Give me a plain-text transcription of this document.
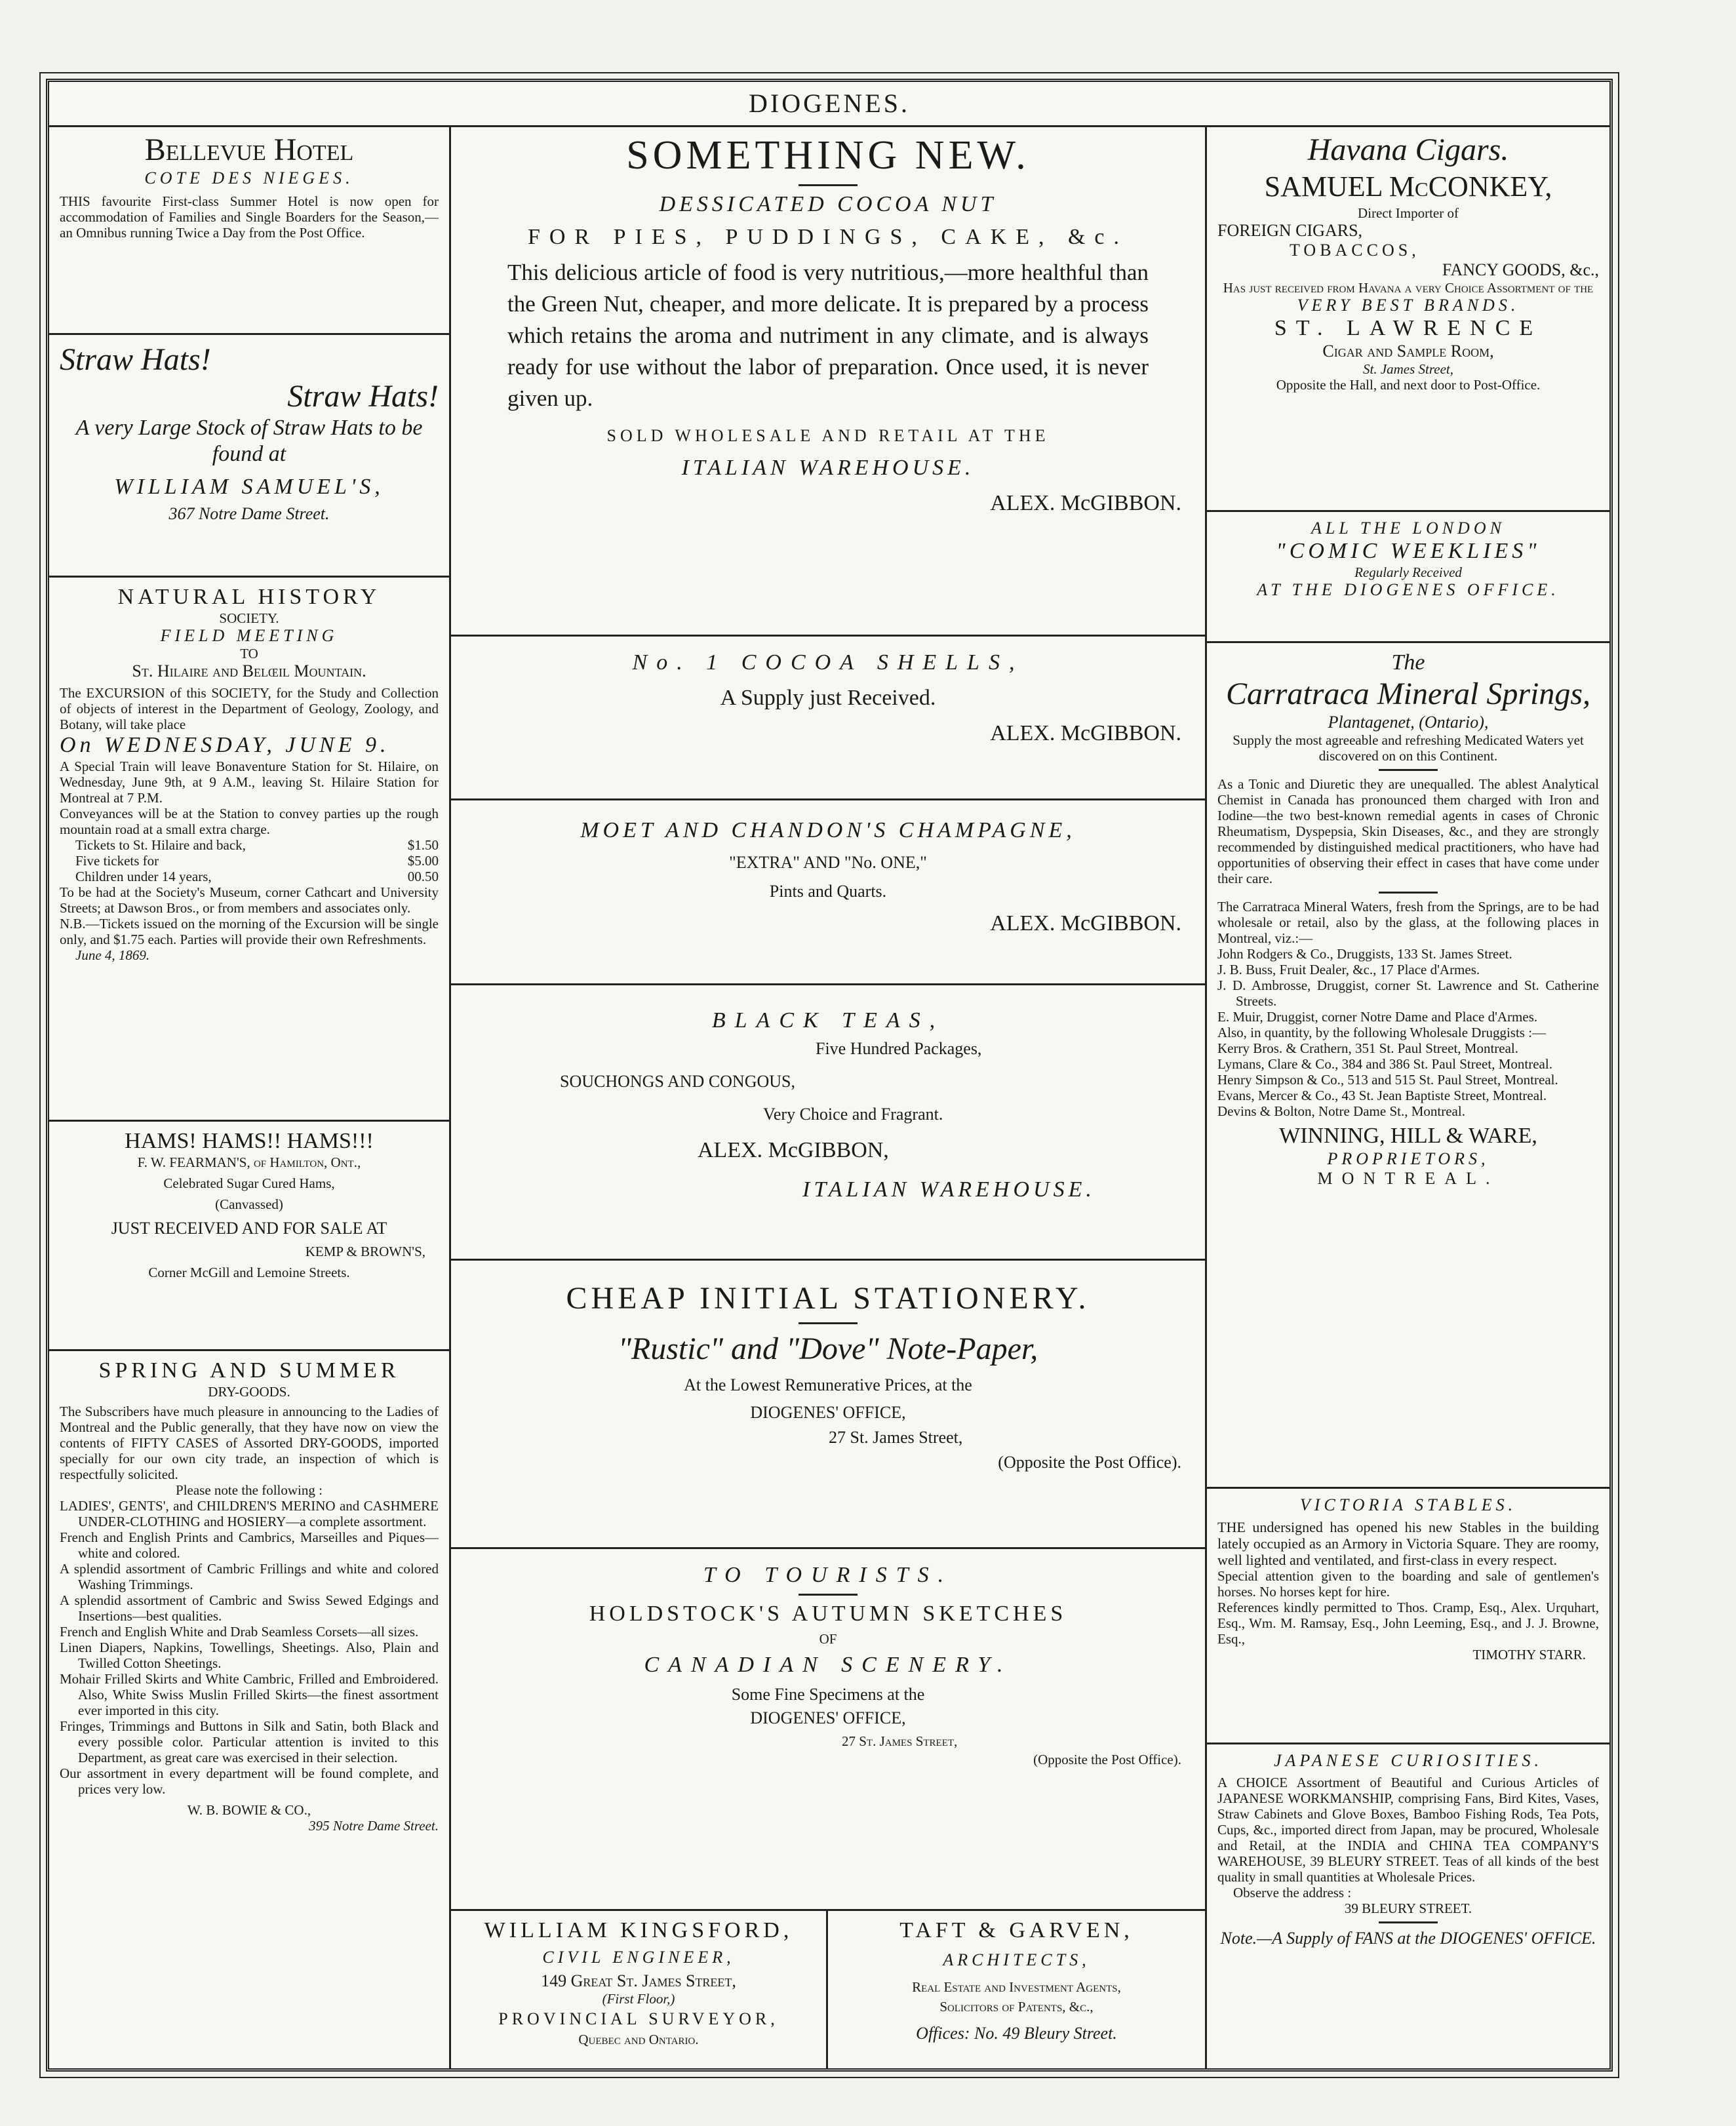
DIOGENES.

Bellevue Hotel

COTE DES NIEGES.

THIS favourite First-class Summer Hotel is now open for accommodation of Families and Single Boarders for the Season,—an Omnibus running Twice a Day from the Post Office.

Straw Hats!

Straw Hats!

A very Large Stock of Straw Hats to be found at

WILLIAM SAMUEL'S,

367 Notre Dame Street.

NATURAL HISTORY

SOCIETY.

FIELD MEETING

TO

St. Hilaire and Belœil Mountain.

The EXCURSION of this SOCIETY, for the Study and Collection of objects of interest in the Department of Geology, Zoology, and Botany, will take place

On WEDNESDAY, JUNE 9.

A Special Train will leave Bonaventure Station for St. Hilaire, on Wednesday, June 9th, at 9 A.M., leaving St. Hilaire Station for Montreal at 7 P.M.

Conveyances will be at the Station to convey parties up the rough mountain road at a small extra charge.

Tickets to St. Hilaire and back,	$1.50
Five tickets for	$5.00
Children under 14 years,	00.50

To be had at the Society's Museum, corner Cathcart and University Streets; at Dawson Bros., or from members and associates only.

N.B.—Tickets issued on the morning of the Excursion will be single only, and $1.75 each. Parties will provide their own Refreshments.

June 4, 1869.

HAMS! HAMS!! HAMS!!!

F. W. FEARMAN'S, of Hamilton, Ont.,

Celebrated Sugar Cured Hams,

(Canvassed)

JUST RECEIVED AND FOR SALE AT

KEMP & BROWN'S,

Corner McGill and Lemoine Streets.

SPRING AND SUMMER

DRY-GOODS.

The Subscribers have much pleasure in announcing to the Ladies of Montreal and the Public generally, that they have now on view the contents of FIFTY CASES of Assorted DRY-GOODS, imported specially for our own city trade, an inspection of which is respectfully solicited.

Please note the following :

LADIES', GENTS', and CHILDREN'S MERINO and CASHMERE UNDER-CLOTHING and HOSIERY—a complete assortment.

French and English Prints and Cambrics, Marseilles and Piques—white and colored.

A splendid assortment of Cambric Frillings and white and colored Washing Trimmings.

A splendid assortment of Cambric and Swiss Sewed Edgings and Insertions—best qualities.

French and English White and Drab Seamless Corsets—all sizes.

Linen Diapers, Napkins, Towellings, Sheetings. Also, Plain and Twilled Cotton Sheetings.

Mohair Frilled Skirts and White Cambric, Frilled and Embroidered. Also, White Swiss Muslin Frilled Skirts—the finest assortment ever imported in this city.

Fringes, Trimmings and Buttons in Silk and Satin, both Black and every possible color. Particular attention is invited to this Department, as great care was exercised in their selection.

Our assortment in every department will be found complete, and prices very low.

W. B. BOWIE & CO.,

395 Notre Dame Street.

SOMETHING NEW.

DESSICATED COCOA NUT

FOR PIES, PUDDINGS, CAKE, &c.

This delicious article of food is very nutritious,—more healthful than the Green Nut, cheaper, and more delicate. It is prepared by a process which retains the aroma and nutriment in any climate, and is always ready for use without the labor of preparation. Once used, it is never given up.

SOLD WHOLESALE AND RETAIL AT THE

ITALIAN WAREHOUSE.

ALEX. McGIBBON.

No. 1 COCOA SHELLS,

A Supply just Received.

ALEX. McGIBBON.

MOET AND CHANDON'S CHAMPAGNE,

"EXTRA" AND "No. ONE,"

Pints and Quarts.

ALEX. McGIBBON.

BLACK TEAS,

Five Hundred Packages,

SOUCHONGS AND CONGOUS,

Very Choice and Fragrant.

ALEX. McGIBBON,

ITALIAN WAREHOUSE.

CHEAP INITIAL STATIONERY.

"Rustic" and "Dove" Note-Paper,

At the Lowest Remunerative Prices, at the

DIOGENES' OFFICE,

27 St. James Street,

(Opposite the Post Office).

TO TOURISTS.

HOLDSTOCK'S AUTUMN SKETCHES

OF

CANADIAN SCENERY.

Some Fine Specimens at the

DIOGENES' OFFICE,

27 St. James Street,

(Opposite the Post Office).

WILLIAM KINGSFORD,

CIVIL ENGINEER,

149 Great St. James Street,

(First Floor,)

PROVINCIAL SURVEYOR,

Quebec and Ontario.

TAFT & GARVEN,

ARCHITECTS,

Real Estate and Investment Agents,

Solicitors of Patents, &c.,

Offices: No. 49 Bleury Street.

Havana Cigars.

SAMUEL McCONKEY,

Direct Importer of

FOREIGN CIGARS,

TOBACCOS,

FANCY GOODS, &c.,

Has just received from Havana a very Choice Assortment of the

VERY BEST BRANDS.

ST. LAWRENCE

Cigar and Sample Room,

St. James Street,

Opposite the Hall, and next door to Post-Office.

ALL THE LONDON

"COMIC WEEKLIES"

Regularly Received

AT THE DIOGENES OFFICE.

The

Carratraca Mineral Springs,

Plantagenet, (Ontario),

Supply the most agreeable and refreshing Medicated Waters yet discovered on on this Continent.

As a Tonic and Diuretic they are unequalled. The ablest Analytical Chemist in Canada has pronounced them charged with Iron and Iodine—the two best-known remedial agents in cases of Chronic Rheumatism, Dyspepsia, Skin Diseases, &c., and they are strongly recommended by distinguished medical practitioners, who have had opportunities of observing their effect in cases that have come under their care.

The Carratraca Mineral Waters, fresh from the Springs, are to be had wholesale or retail, also by the glass, at the following places in Montreal, viz.:—

John Rodgers & Co., Druggists, 133 St. James Street.

J. B. Buss, Fruit Dealer, &c., 17 Place d'Armes.

J. D. Ambrosse, Druggist, corner St. Lawrence and St. Catherine Streets.

E. Muir, Druggist, corner Notre Dame and Place d'Armes.

Also, in quantity, by the following Wholesale Druggists :—

Kerry Bros. & Crathern, 351 St. Paul Street, Montreal.

Lymans, Clare & Co., 384 and 386 St. Paul Street, Montreal.

Henry Simpson & Co., 513 and 515 St. Paul Street, Montreal.

Evans, Mercer & Co., 43 St. Jean Baptiste Street, Montreal.

Devins & Bolton, Notre Dame St., Montreal.

WINNING, HILL & WARE,

PROPRIETORS,

MONTREAL.

VICTORIA STABLES.

THE undersigned has opened his new Stables in the building lately occupied as an Armory in Victoria Square. They are roomy, well lighted and ventilated, and first-class in every respect.

Special attention given to the boarding and sale of gentlemen's horses. No horses kept for hire.

References kindly permitted to Thos. Cramp, Esq., Alex. Urquhart, Esq., Wm. M. Ramsay, Esq., John Leeming, Esq., and J. J. Browne, Esq.,

TIMOTHY STARR.

JAPANESE CURIOSITIES.

A CHOICE Assortment of Beautiful and Curious Articles of JAPANESE WORKMANSHIP, comprising Fans, Bird Kites, Vases, Straw Cabinets and Glove Boxes, Bamboo Fishing Rods, Tea Pots, Cups, &c., imported direct from Japan, may be procured, Wholesale and Retail, at the INDIA and CHINA TEA COMPANY'S WAREHOUSE, 39 BLEURY STREET. Teas of all kinds of the best quality in small quantities at Wholesale Prices.

Observe the address :

39 BLEURY STREET.

Note.—A Supply of FANS at the DIOGENES' OFFICE.
